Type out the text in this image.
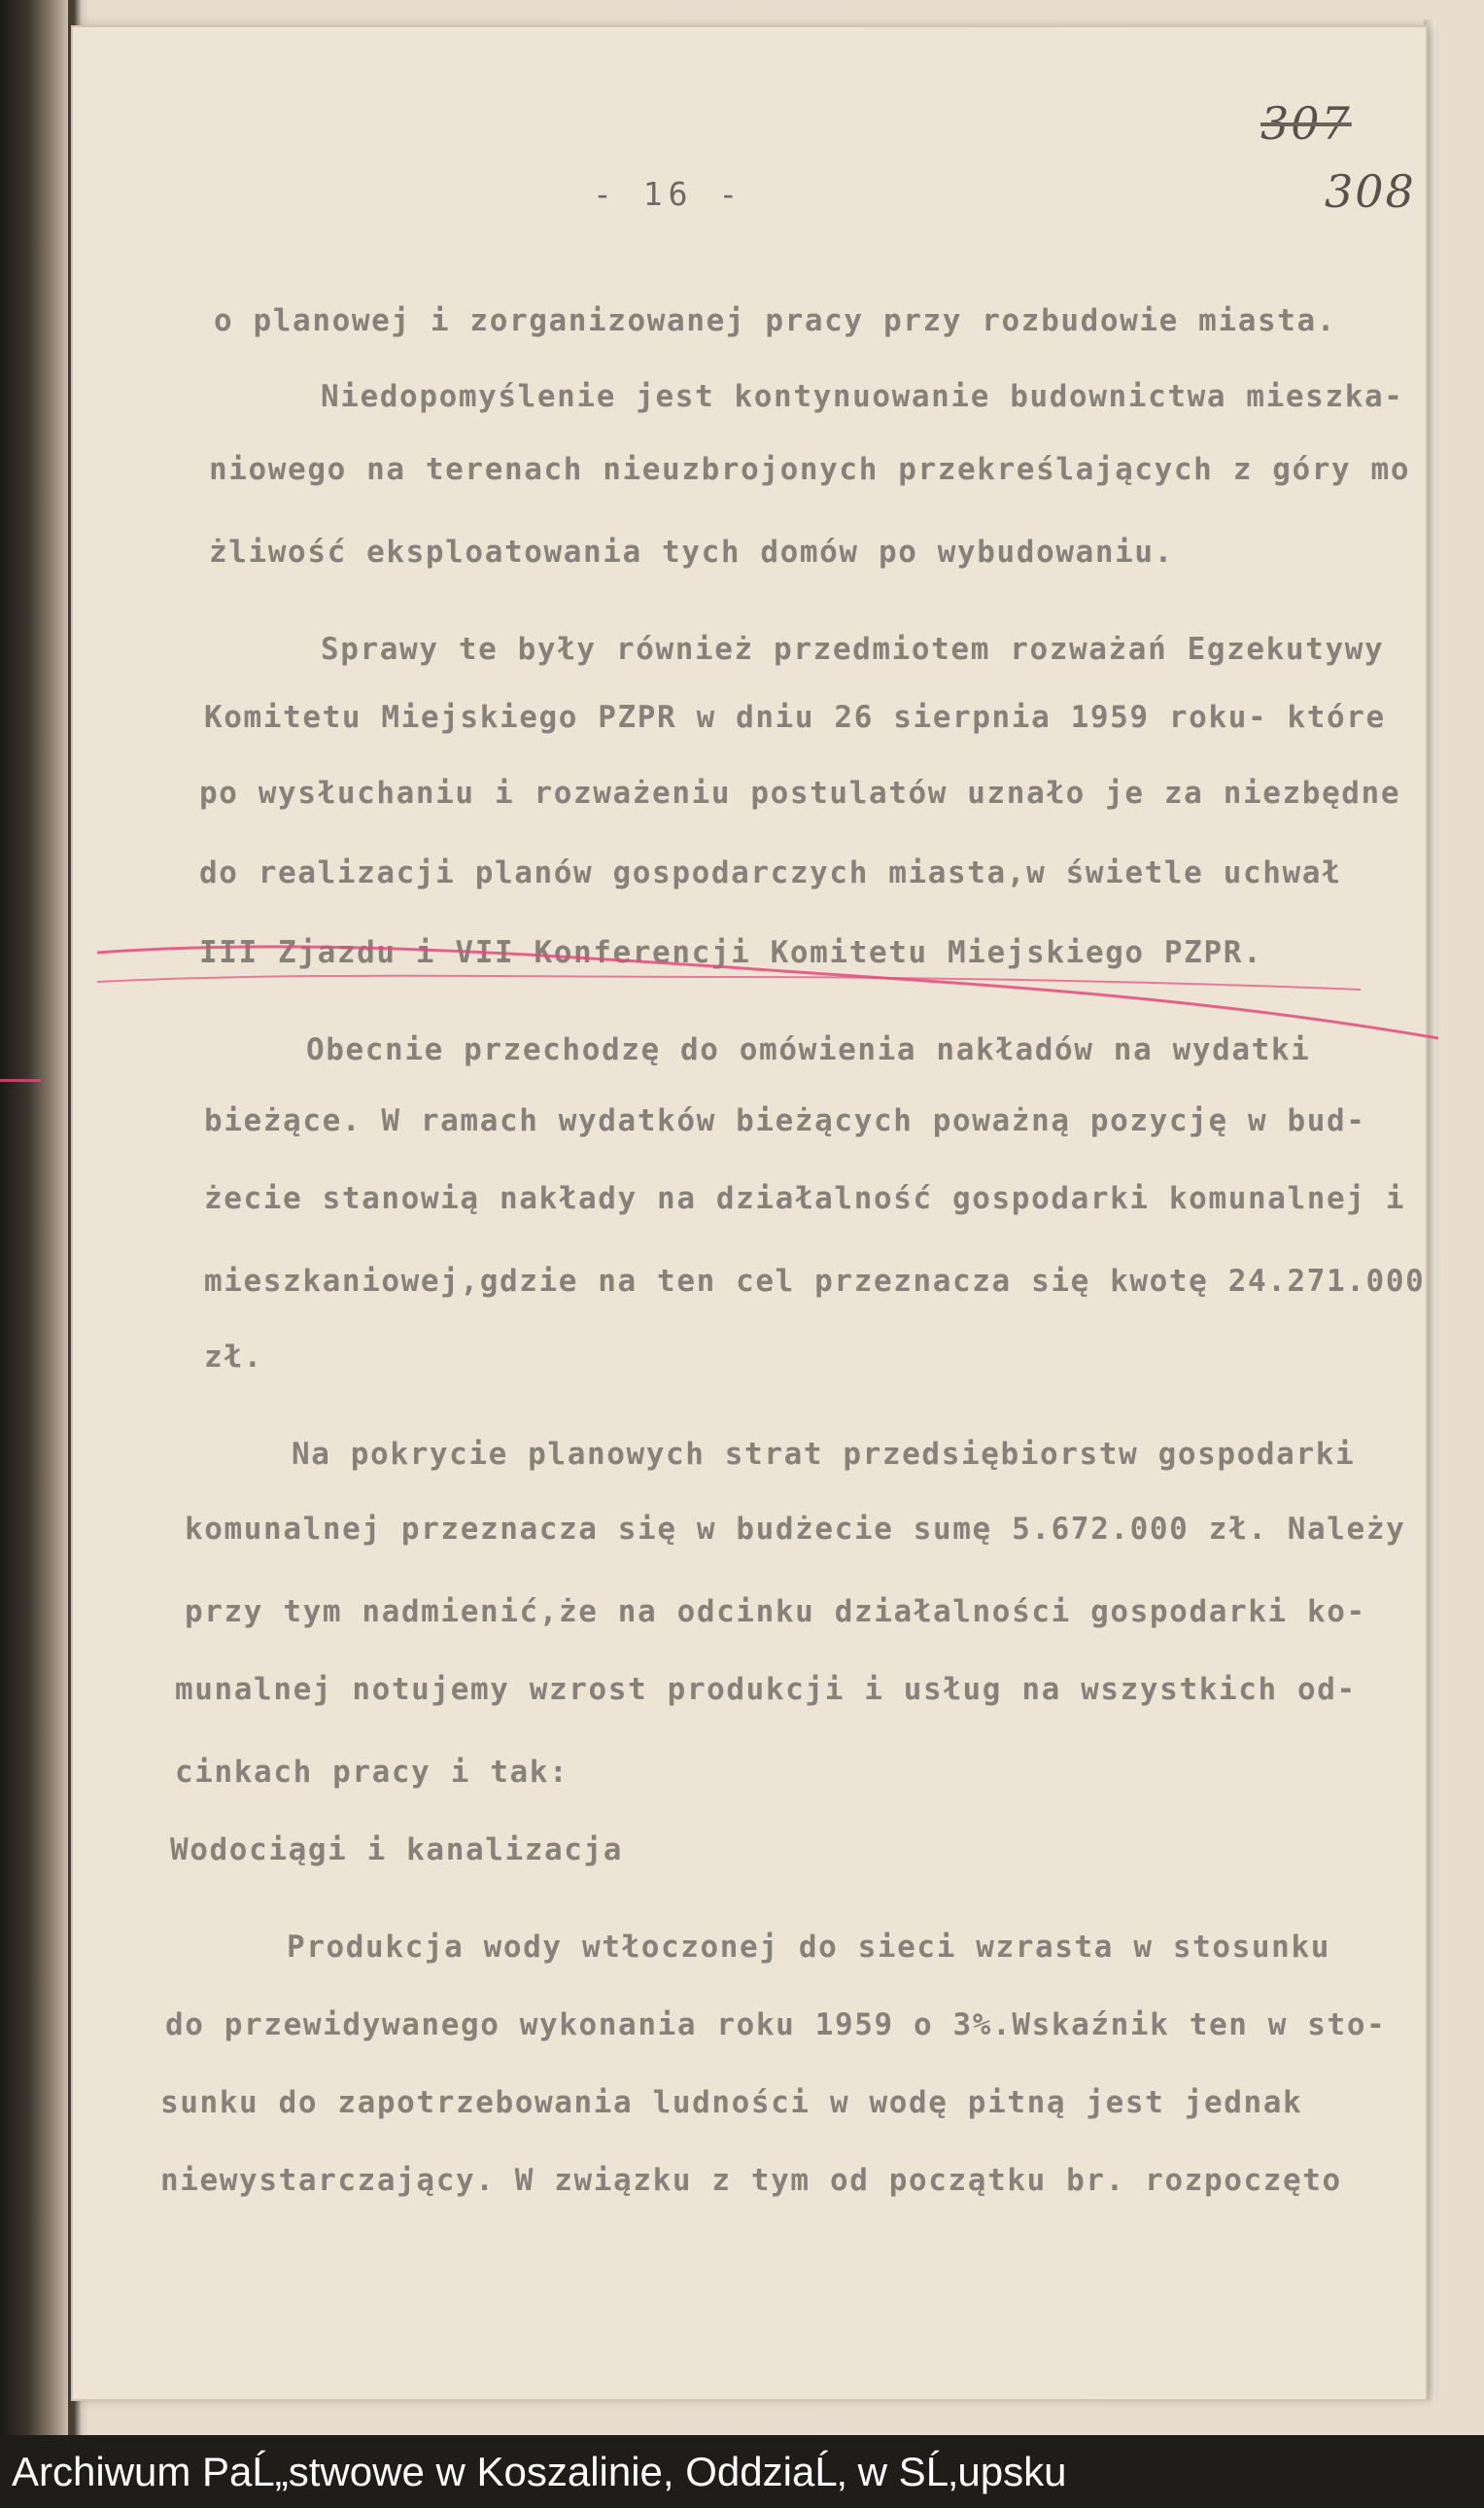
307
308
- 16 -
o planowej i zorganizowanej pracy przy rozbudowie miasta.
Niedopomyślenie jest kontynuowanie budownictwa mieszka-
niowego na terenach nieuzbrojonych przekreślających z góry mo
żliwość eksploatowania tych domów po wybudowaniu.
Sprawy te były również przedmiotem rozważań Egzekutywy
Komitetu Miejskiego PZPR w dniu 26 sierpnia 1959 roku- które
po wysłuchaniu i rozważeniu postulatów uznało je za niezbędne
do realizacji planów gospodarczych miasta,w świetle uchwał
III Zjazdu i VII Konferencji Komitetu Miejskiego PZPR.
Obecnie przechodzę do omówienia nakładów na wydatki
bieżące. W ramach wydatków bieżących poważną pozycję w bud-
żecie stanowią nakłady na działalność gospodarki komunalnej i
mieszkaniowej,gdzie na ten cel przeznacza się kwotę 24.271.000
zł.
Na pokrycie planowych strat przedsiębiorstw gospodarki
komunalnej przeznacza się w budżecie sumę 5.672.000 zł. Należy
przy tym nadmienić,że na odcinku działalności gospodarki ko-
munalnej notujemy wzrost produkcji i usług na wszystkich od-
cinkach pracy i tak:
Wodociągi i kanalizacja
Produkcja wody wtłoczonej do sieci wzrasta w stosunku
do przewidywanego wykonania roku 1959 o 3%.Wskaźnik ten w sto-
sunku do zapotrzebowania ludności w wodę pitną jest jednak
niewystarczający. W związku z tym od początku br. rozpoczęto
Archiwum PaĹ„stwowe w Koszalinie, OddziaĹ‚ w SĹ‚upsku
